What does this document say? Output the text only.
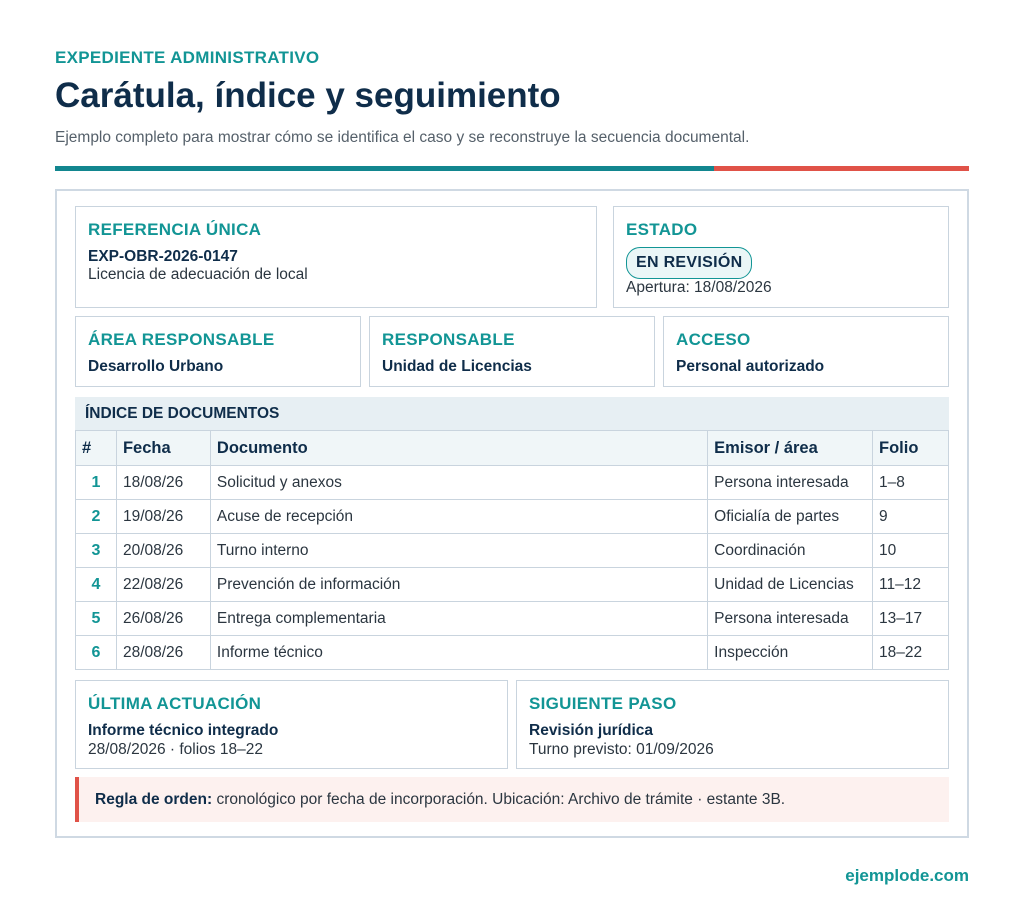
EXPEDIENTE ADMINISTRATIVO
Carátula, índice y seguimiento

Ejemplo completo para mostrar cómo se identifica el caso y se reconstruye la secuencia documental.

REFERENCIA ÚNICA
EXP-OBR-2026-0147
Licencia de adecuación de local
ESTADO
EN REVISIÓN
Apertura: 18/08/2026
ÁREA RESPONSABLE
Desarrollo Urbano
RESPONSABLE
Unidad de Licencias
ACCESO
Personal autorizado
ÍNDICE DE DOCUMENTOS
#	Fecha	Documento	Emisor / área	Folio
1	18/08/26	Solicitud y anexos	Persona interesada	1–8
2	19/08/26	Acuse de recepción	Oficialía de partes	9
3	20/08/26	Turno interno	Coordinación	10
4	22/08/26	Prevención de información	Unidad de Licencias	11–12
5	26/08/26	Entrega complementaria	Persona interesada	13–17
6	28/08/26	Informe técnico	Inspección	18–22
ÚLTIMA ACTUACIÓN
Informe técnico integrado
28/08/2026 · folios 18–22
SIGUIENTE PASO
Revisión jurídica
Turno previsto: 01/09/2026
Regla de orden: cronológico por fecha de incorporación. Ubicación: Archivo de trámite · estante 3B.
ejemplode.com
